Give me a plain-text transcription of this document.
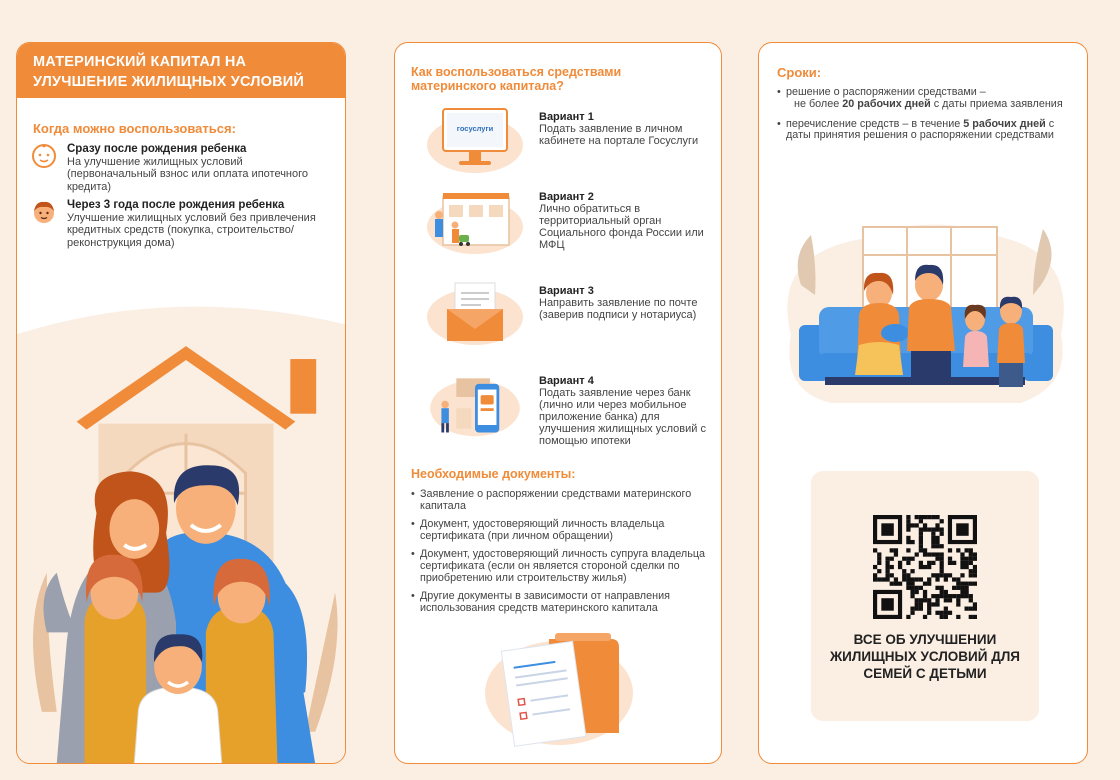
МАТЕРИНСКИЙ КАПИТАЛ НА УЛУЧШЕНИЕ ЖИЛИЩНЫХ УСЛОВИЙ
Когда можно воспользоваться:
Сразу после рождения ребенка
На улучшение жилищных условий (первоначальный взнос или оплата ипотечного кредита)
Через 3 года после рождения ребенка
Улучшение жилищных условий без привлечения кредитных средств (покупка, строительство/реконструкция дома)
Как воспользоваться средствами материнского капитала?
госуслуги
Вариант 1
Подать заявление в личном кабинете на портале Госуслуги
Вариант 2
Лично обратиться в территориальный орган Социального фонда России или МФЦ
Вариант 3
Направить заявление по почте (заверив подписи у нотариуса)
Вариант 4
Подать заявление через банк (лично или через мобильное приложение банка) для улучшения жилищных условий с помощью ипотеки
Необходимые документы:
• Заявление о распоряжении средствами материнского капитала
• Документ, удостоверяющий личность владельца сертификата (при личном обращении)
• Документ, удостоверяющий личность супруга владельца сертификата (если он является стороной сделки по приобретению или строительству жилья)
• Другие документы в зависимости от направления использования средств материнского капитала
Сроки:
• решение о распоряжении средствами –
не более 20 рабочих дней с даты приема заявления
• перечисление средств – в течение 5 рабочих дней с даты принятия решения о распоряжении средствами
ВСЕ ОБ УЛУЧШЕНИИ ЖИЛИЩНЫХ УСЛОВИЙ ДЛЯ СЕМЕЙ С ДЕТЬМИ
